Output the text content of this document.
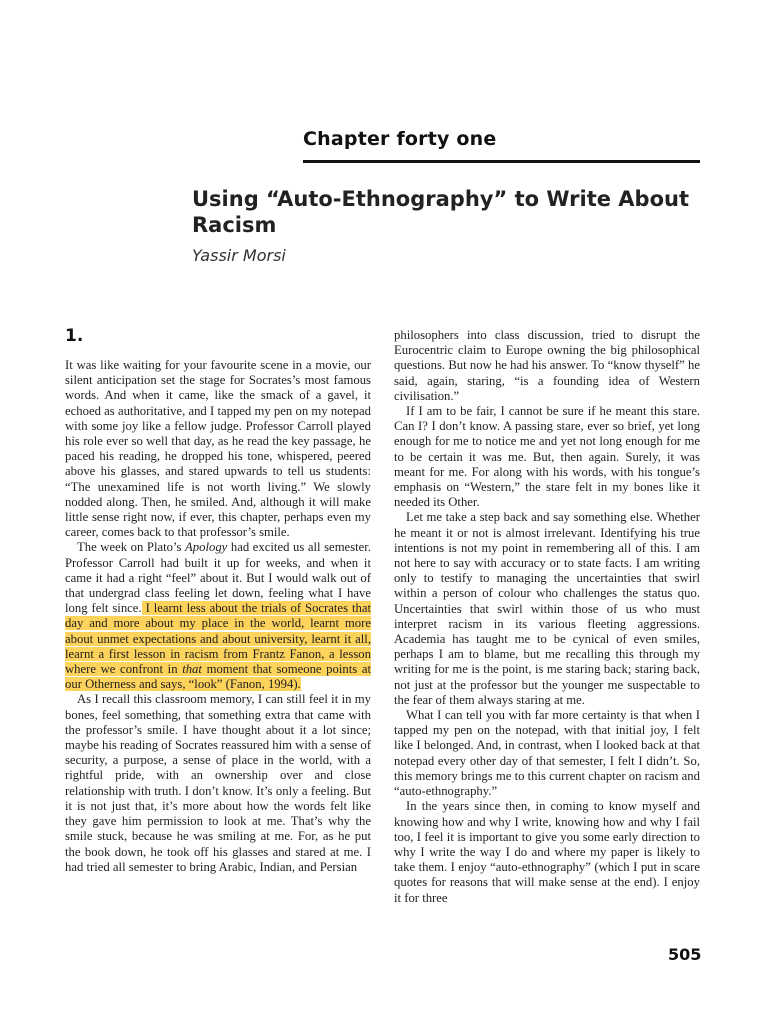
Chapter forty one
Using “Auto-Ethnography” to Write About Racism
Yassir Morsi
1.

It was like waiting for your favourite scene in a movie, our silent anticipation set the stage for Socrates’s most famous words. And when it came, like the smack of a gavel, it echoed as authoritative, and I tapped my pen on my notepad with some joy like a fellow judge. Professor Carroll played his role ever so well that day, as he read the key passage, he paced his reading, he dropped his tone, whispered, peered above his glasses, and stared upwards to tell us students: “The unexamined life is not worth living.” We slowly nodded along. Then, he smiled. And, although it will make little sense right now, if ever, this chapter, perhaps even my career, comes back to that professor’s smile.

The week on Plato’s Apology had excited us all semester. Professor Carroll had built it up for weeks, and when it came it had a right “feel” about it. But I would walk out of that undergrad class feeling let down, feeling what I have long felt since. I learnt less about the trials of Socrates that day and more about my place in the world, learnt more about unmet expectations and about university, learnt it all, learnt a first lesson in racism from Frantz Fanon, a lesson where we confront in that moment that someone points at our Otherness and says, “look” (Fanon, 1994).

As I recall this classroom memory, I can still feel it in my bones, feel something, that something extra that came with the professor’s smile. I have thought about it a lot since; maybe his reading of Socrates reassured him with a sense of security, a purpose, a sense of place in the world, with a rightful pride, with an ownership over and close relationship with truth. I don’t know. It’s only a feeling. But it is not just that, it’s more about how the words felt like they gave him permission to look at me. That’s why the smile stuck, because he was smiling at me. For, as he put the book down, he took off his glasses and stared at me. I had tried all semester to bring Arabic, Indian, and Persian

philosophers into class discussion, tried to disrupt the Eurocentric claim to Europe owning the big philosophical questions. But now he had his answer. To “know thyself” he said, again, staring, “is a founding idea of Western civilisation.”

If I am to be fair, I cannot be sure if he meant this stare. Can I? I don’t know. A passing stare, ever so brief, yet long enough for me to notice me and yet not long enough for me to be certain it was me. But, then again. Surely, it was meant for me. For along with his words, with his tongue’s emphasis on “Western,” the stare felt in my bones like it needed its Other.

Let me take a step back and say something else. Whether he meant it or not is almost irrelevant. Identifying his true intentions is not my point in remembering all of this. I am not here to say with accuracy or to state facts. I am writing only to testify to managing the uncertainties that swirl within a person of colour who challenges the status quo. Uncertainties that swirl within those of us who must interpret racism in its various fleeting aggressions. Academia has taught me to be cynical of even smiles, perhaps I am to blame, but me recalling this through my writing for me is the point, is me staring back; staring back, not just at the professor but the younger me suspectable to the fear of them always staring at me.

What I can tell you with far more certainty is that when I tapped my pen on the notepad, with that initial joy, I felt like I belonged. And, in contrast, when I looked back at that notepad every other day of that semester, I felt I didn’t. So, this memory brings me to this current chapter on racism and “auto-ethnography.”

In the years since then, in coming to know myself and knowing how and why I write, knowing how and why I fail too, I feel it is important to give you some early direction to why I write the way I do and where my paper is likely to take them. I enjoy “auto-ethnography” (which I put in scare quotes for reasons that will make sense at the end). I enjoy it for three

505
